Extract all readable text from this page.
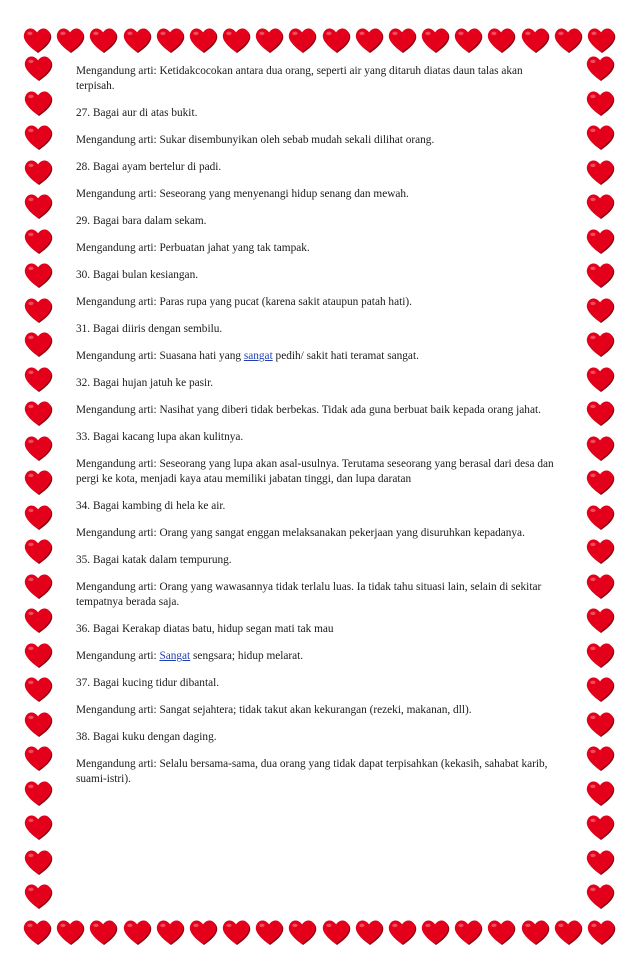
Mengandung arti: Ketidakcocokan antara dua orang, seperti air yang ditaruh diatas daun talas akan terpisah.

27. Bagai aur di atas bukit.

Mengandung arti: Sukar disembunyikan oleh sebab mudah sekali dilihat orang.

28. Bagai ayam bertelur di padi.

Mengandung arti: Seseorang yang menyenangi hidup senang dan mewah.

29. Bagai bara dalam sekam.

Mengandung arti: Perbuatan jahat yang tak tampak.

30. Bagai bulan kesiangan.

Mengandung arti: Paras rupa yang pucat (karena sakit ataupun patah hati).

31. Bagai diiris dengan sembilu.

Mengandung arti: Suasana hati yang sangat pedih/ sakit hati teramat sangat.

32. Bagai hujan jatuh ke pasir.

Mengandung arti: Nasihat yang diberi tidak berbekas. Tidak ada guna berbuat baik kepada orang jahat.

33. Bagai kacang lupa akan kulitnya.

Mengandung arti: Seseorang yang lupa akan asal-usulnya. Terutama seseorang yang berasal dari desa dan pergi ke kota, menjadi kaya atau memiliki jabatan tinggi, dan lupa daratan

34. Bagai kambing di hela ke air.

Mengandung arti: Orang yang sangat enggan melaksanakan pekerjaan yang disuruhkan kepadanya.

35. Bagai katak dalam tempurung.

Mengandung arti: Orang yang wawasannya tidak terlalu luas. Ia tidak tahu situasi lain, selain di sekitar tempatnya berada saja.

36. Bagai Kerakap diatas batu, hidup segan mati tak mau

Mengandung arti: Sangat sengsara; hidup melarat.

37. Bagai kucing tidur dibantal.

Mengandung arti: Sangat sejahtera; tidak takut akan kekurangan (rezeki, makanan, dll).

38. Bagai kuku dengan daging.

Mengandung arti: Selalu bersama-sama, dua orang yang tidak dapat terpisahkan (kekasih, sahabat karib, suami-istri).
